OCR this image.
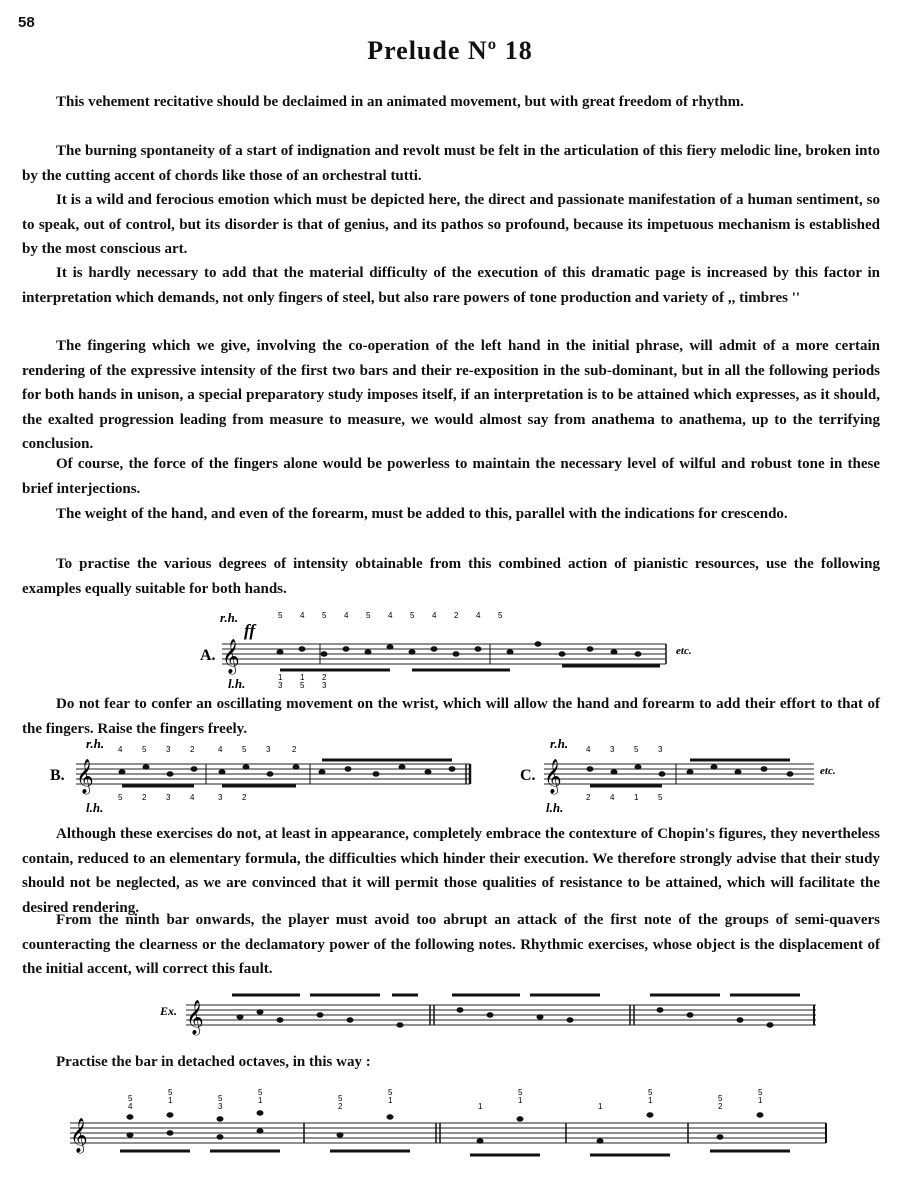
58
Prelude Nº 18

This vehement recitative should be declaimed in an animated movement, but with great freedom of rhythm.

The burning spontaneity of a start of indignation and revolt must be felt in the articulation of this fiery melodic line, broken into by the cutting accent of chords like those of an orchestral tutti.

It is a wild and ferocious emotion which must be depicted here, the direct and passionate manifestation of a human sentiment, so to speak, out of control, but its disorder is that of genius, and its pathos so profound, because its impetuous mechanism is established by the most conscious art.

It is hardly necessary to add that the material difficulty of the execution of this dramatic page is increased by this factor in interpretation which demands, not only fingers of steel, but also rare powers of tone production and variety of ,, timbres ''

The fingering which we give, involving the co-operation of the left hand in the initial phrase, will admit of a more certain rendering of the expressive intensity of the first two bars and their re-exposition in the sub-dominant, but in all the following periods for both hands in unison, a special preparatory study imposes itself, if an interpretation is to be attained which expresses, as it should, the exalted progression leading from measure to measure, we would almost say from anathema to anathema, up to the terrifying conclusion.

Of course, the force of the fingers alone would be powerless to maintain the necessary level of wilful and robust tone in these brief interjections.

The weight of the hand, and even of the forearm, must be added to this, parallel with the indications for crescendo.

To practise the various degrees of intensity obtainable from this combined action of pianistic resources, use the following examples equally suitable for both hands.

r.h.
ff
A.
l.h.
𝄞
5 4 5 4 5 4 5 4 2 4 5
1 1 2
3 5 3
etc.

Do not fear to confer an oscillating movement on the wrist, which will allow the hand and forearm to add their effort to that of the fingers. Raise the fingers freely.

r.h.
B.
l.h.
𝄞
4 5 3 2	4 5 3	2
5 2 3 4	3 2
r.h.
C.
l.h.
𝄞
4 3 5 3
2 4 1 5
etc.

Although these exercises do not, at least in appearance, completely embrace the contexture of Chopin's figures, they nevertheless contain, reduced to an elementary formula, the difficulties which hinder their execution. We therefore strongly advise that their study should not be neglected, as we are convinced that it will permit those qualities of resistance to be attained, which will facilitate the desired rendering.

From the ninth bar onwards, the player must avoid too abrupt an attack of the first note of the groups of semi-quavers counteracting the clearness or the declamatory power of the following notes. Rhythmic exercises, whose object is the displacement of the initial accent, will correct this fault.

Ex. 𝄞

Practise the bar in detached octaves, in this way :

𝄞
5
4
5
1	5
3
5
1	5
2
5
1
1
5
1
1
5
1	5
2
5
1
